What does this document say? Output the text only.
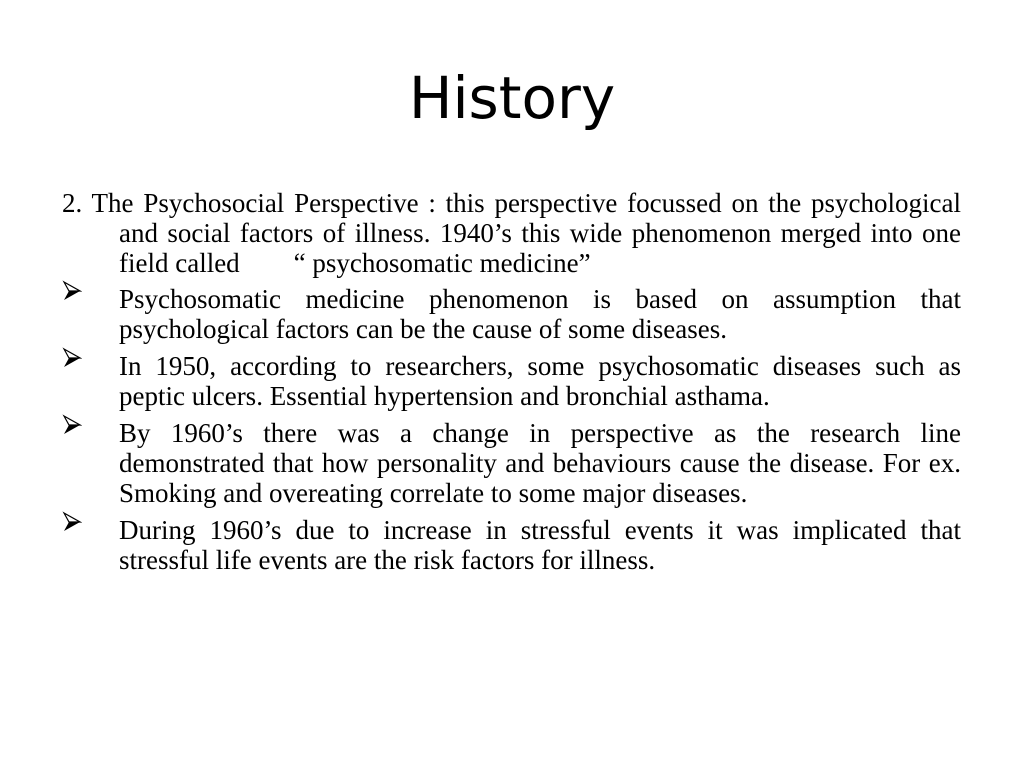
History

2. The Psychosocial Perspective : this perspective focussed on the psychological and social factors of illness. 1940’s this wide phenomenon merged into one field called        “ psychosomatic medicine”

Psychosomatic medicine phenomenon is based on assumption that psychological factors can be the cause of some diseases.
In 1950, according to researchers, some psychosomatic diseases such as peptic ulcers. Essential hypertension and bronchial asthama.
By 1960’s there was a change in perspective as the research line demonstrated that how personality and behaviours cause the disease. For ex. Smoking and overeating correlate to some major diseases.
During 1960’s due to increase in stressful events it was implicated that stressful life events are the risk factors for illness.
